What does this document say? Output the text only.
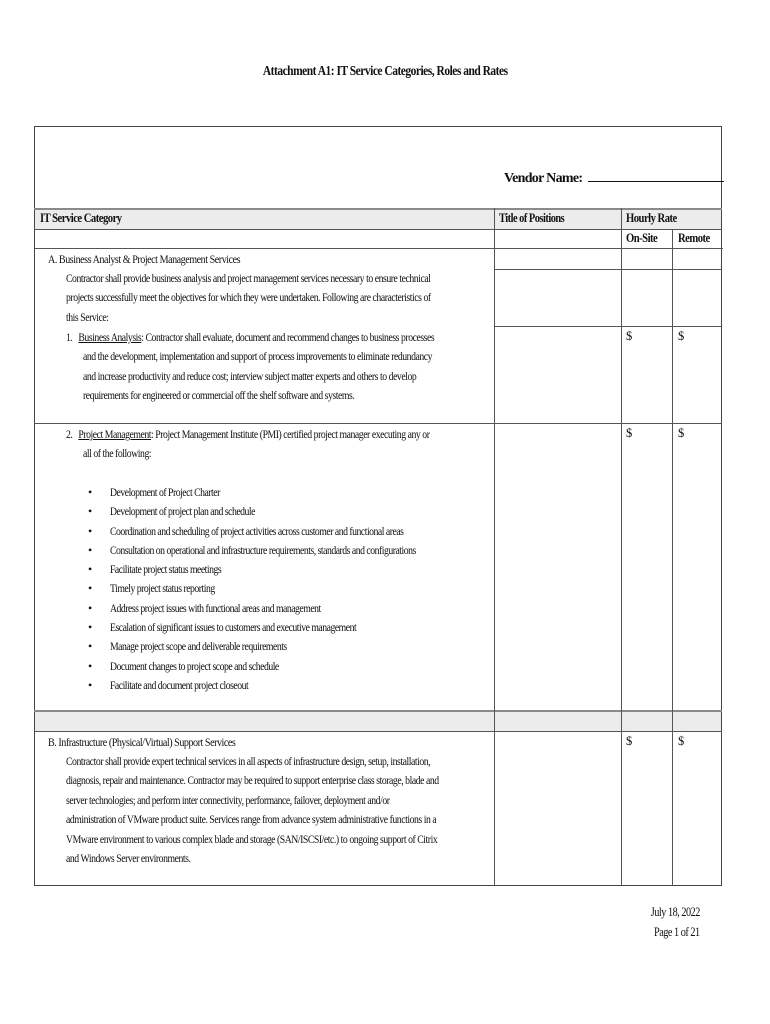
Attachment A1: IT Service Categories, Roles and Rates
Vendor Name:
IT Service Category	Title of Positions	Hourly Rate
On-Site	Remote
A. Business Analyst & Project Management Services
Contractor shall provide business analysis and project management services necessary to ensure technical
projects successfully meet the objectives for which they were undertaken. Following are characteristics of
this Service:
1. Business Analysis: Contractor shall evaluate, document and recommend changes to business processes
and the development, implementation and support of process improvements to eliminate redundancy
and increase productivity and reduce cost; interview subject matter experts and others to develop
requirements for engineered or commercial off the shelf software and systems.
$	$
2. Project Management: Project Management Institute (PMI) certified project manager executing any or
all of the following:
$	$
• Development of Project Charter
• Development of project plan and schedule
• Coordination and scheduling of project activities across customer and functional areas
• Consultation on operational and infrastructure requirements, standards and configurations
• Facilitate project status meetings
• Timely project status reporting
• Address project issues with functional areas and management
• Escalation of significant issues to customers and executive management
• Manage project scope and deliverable requirements
• Document changes to project scope and schedule
• Facilitate and document project closeout
B. Infrastructure (Physical/Virtual) Support Services
Contractor shall provide expert technical services in all aspects of infrastructure design, setup, installation,
diagnosis, repair and maintenance. Contractor may be required to support enterprise class storage, blade and
server technologies; and perform inter connectivity, performance, failover, deployment and/or
administration of VMware product suite. Services range from advance system administrative functions in a
VMware environment to various complex blade and storage (SAN/ISCSI/etc.) to ongoing support of Citrix
and Windows Server environments.
$	$
July 18, 2022
Page 1 of 21
